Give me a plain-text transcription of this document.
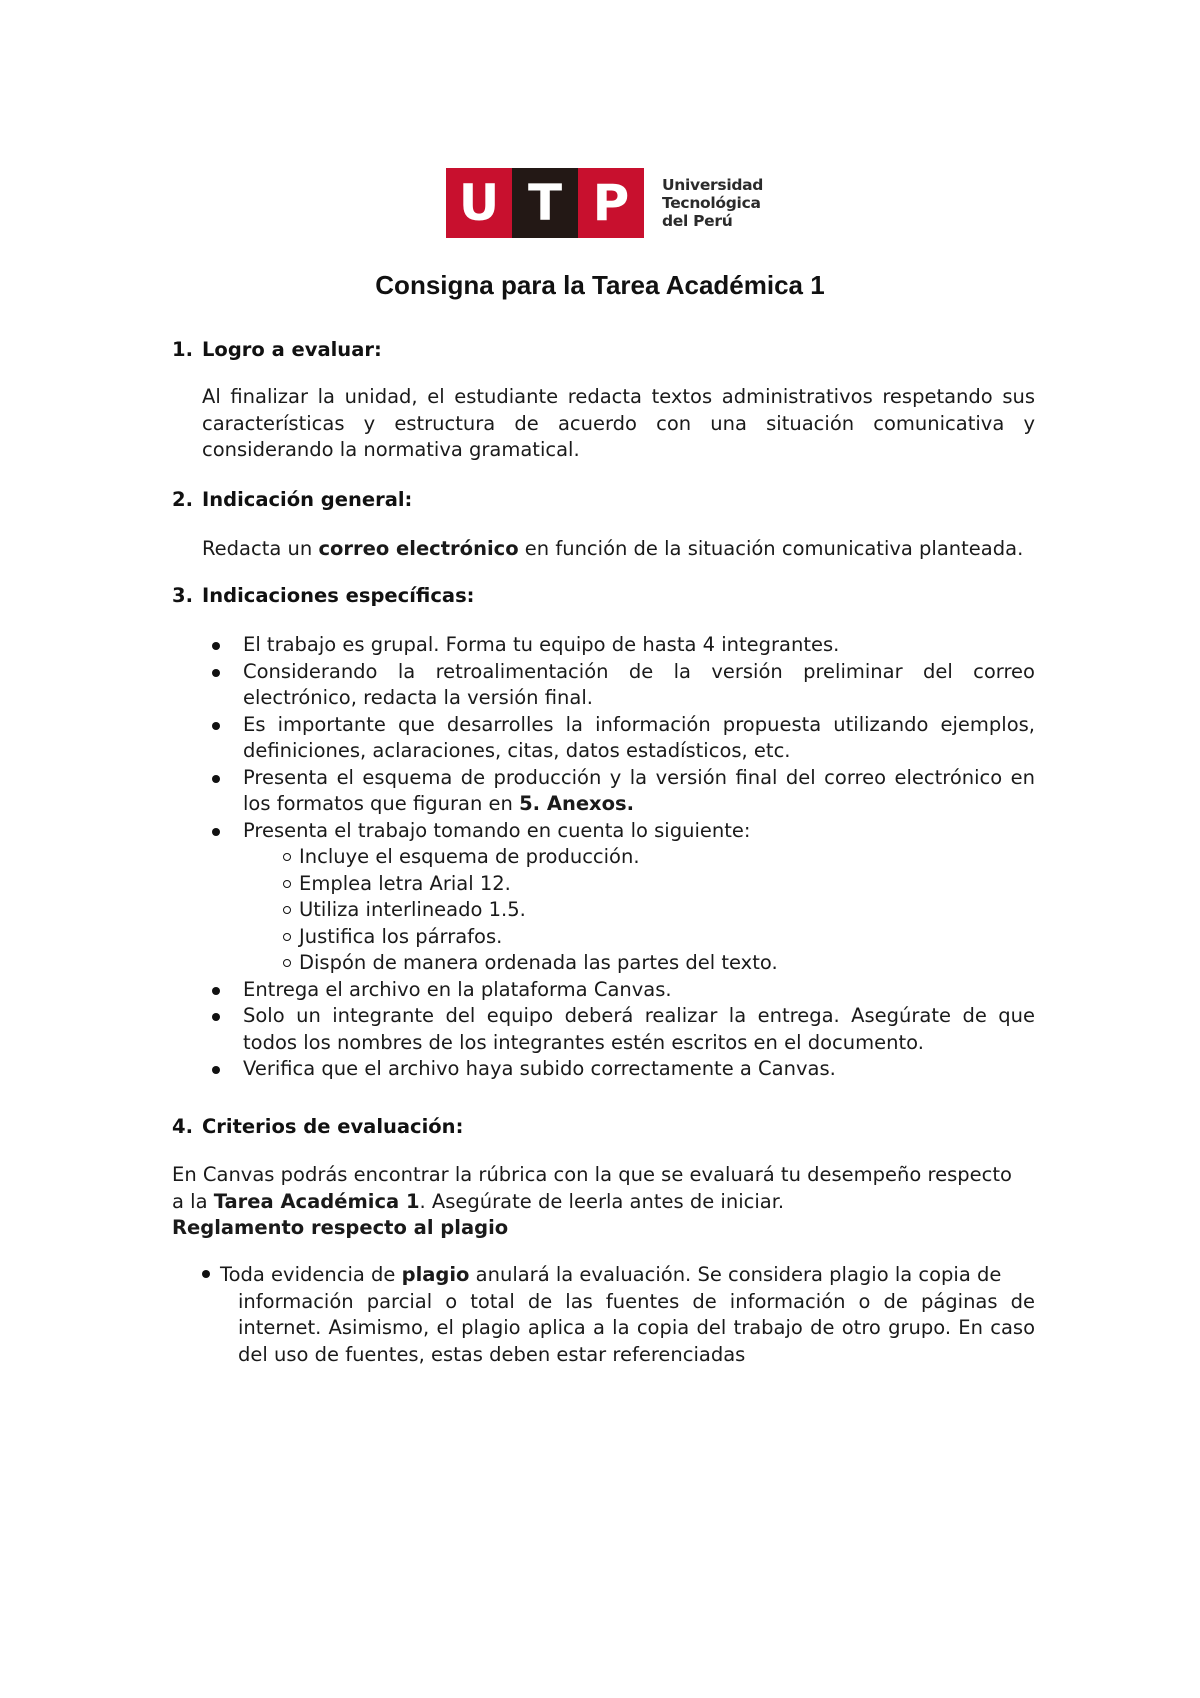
U T P	Universidad
Tecnológica
del Perú
Consigna para la Tarea Académica 1
1. Logro a evaluar:
Al finalizar la unidad, el estudiante redacta textos administrativos respetando sus características y estructura de acuerdo con una situación comunicativa y considerando la normativa gramatical.
2. Indicación general:
Redacta un correo electrónico en función de la situación comunicativa planteada.
3. Indicaciones específicas:
El trabajo es grupal. Forma tu equipo de hasta 4 integrantes.
Considerando la retroalimentación de la versión preliminar del correo electrónico, redacta la versión final.
Es importante que desarrolles la información propuesta utilizando ejemplos, definiciones, aclaraciones, citas, datos estadísticos, etc.
Presenta el esquema de producción y la versión final del correo electrónico en los formatos que figuran en 5. Anexos.
Presenta el trabajo tomando en cuenta lo siguiente:
Incluye el esquema de producción.
Emplea letra Arial 12.
Utiliza interlineado 1.5.
Justifica los párrafos.
Dispón de manera ordenada las partes del texto.
Entrega el archivo en la plataforma Canvas.
Solo un integrante del equipo deberá realizar la entrega. Asegúrate de que todos los nombres de los integrantes estén escritos en el documento.
Verifica que el archivo haya subido correctamente a Canvas.
4. Criterios de evaluación:
En Canvas podrás encontrar la rúbrica con la que se evaluará tu desempeño respecto
a la Tarea Académica 1. Asegúrate de leerla antes de iniciar.
Reglamento respecto al plagio
Toda evidencia de plagio anulará la evaluación. Se considera plagio la copia de
información parcial o total de las fuentes de información o de páginas de internet. Asimismo, el plagio aplica a la copia del trabajo de otro grupo. En caso del uso de fuentes, estas deben estar referenciadas
